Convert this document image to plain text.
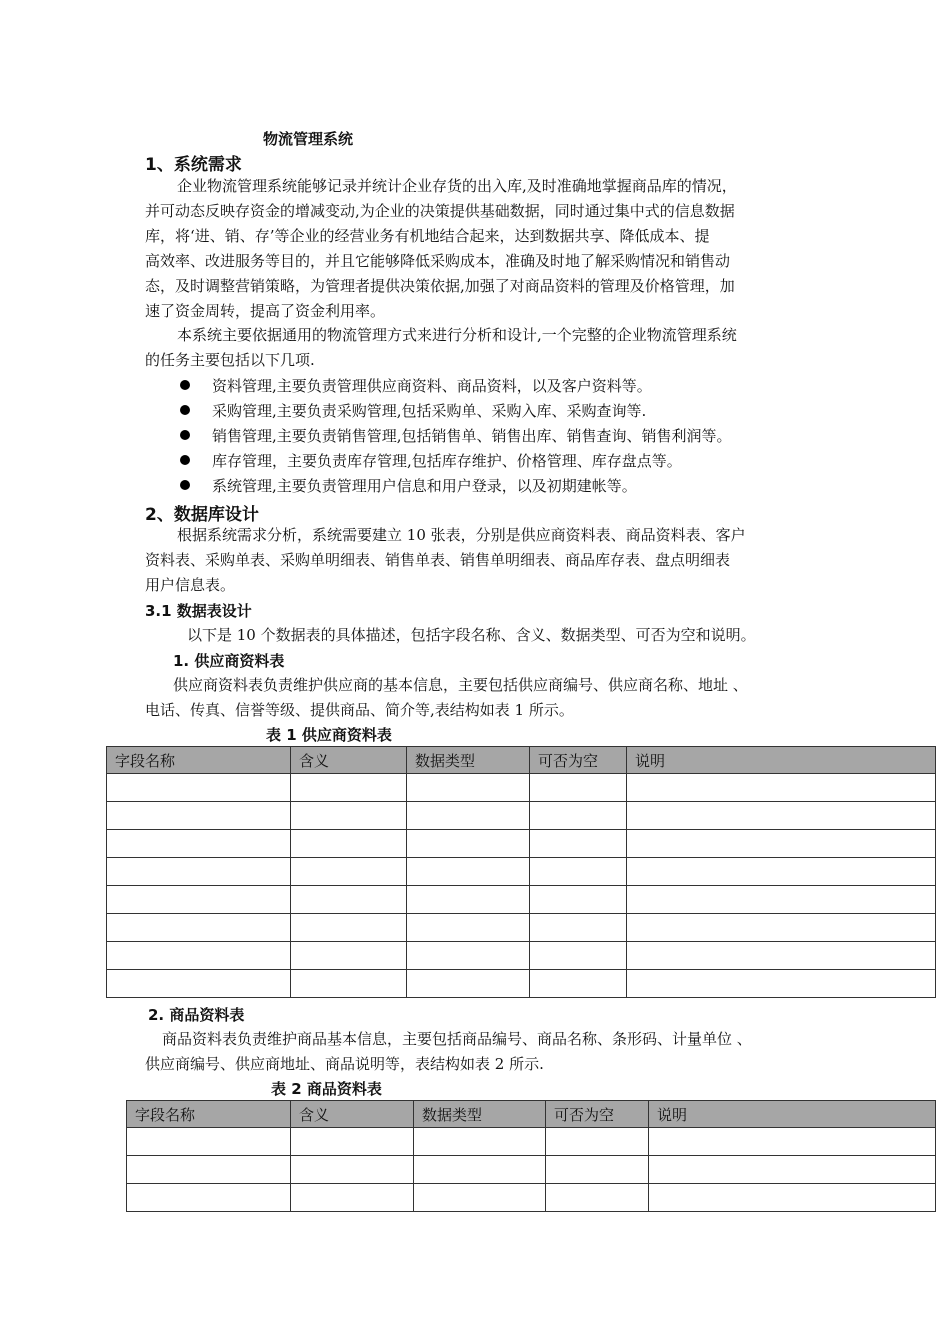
物流管理系统
1、系统需求

企业物流管理系统能够记录并统计企业存货的出入库,及时准确地掌握商品库的情况，

并可动态反映存资金的增减变动,为企业的决策提供基础数据，同时通过集中式的信息数据

库，将‘进、销、存’等企业的经营业务有机地结合起来，达到数据共享、降低成本、提

高效率、改进服务等目的，并且它能够降低采购成本，准确及时地了解采购情况和销售动

态，及时调整营销策略，为管理者提供决策依据,加强了对商品资料的管理及价格管理，加

速了资金周转，提高了资金利用率。

本系统主要依据通用的物流管理方式来进行分析和设计,一个完整的企业物流管理系统

的任务主要包括以下几项.

资料管理,主要负责管理供应商资料、商品资料，以及客户资料等。
采购管理,主要负责采购管理,包括采购单、采购入库、采购查询等.
销售管理,主要负责销售管理,包括销售单、销售出库、销售查询、销售利润等。
库存管理，主要负责库存管理,包括库存维护、价格管理、库存盘点等。
系统管理,主要负责管理用户信息和用户登录，以及初期建帐等。
2、数据库设计

根据系统需求分析，系统需要建立 10 张表，分别是供应商资料表、商品资料表、客户

资料表、采购单表、采购单明细表、销售单表、销售单明细表、商品库存表、盘点明细表

用户信息表。

3.1 数据表设计
以下是 10 个数据表的具体描述，包括字段名称、含义、数据类型、可否为空和说明。
1. 供应商资料表

供应商资料表负责维护供应商的基本信息，主要包括供应商编号、供应商名称、地址 、

电话、传真、信誉等级、提供商品、简介等,表结构如表 1 所示。

表 1 供应商资料表
字段名称	含义	数据类型	可否为空	说明

2. 商品资料表

商品资料表负责维护商品基本信息，主要包括商品编号、商品名称、条形码、计量单位 、

供应商编号、供应商地址、商品说明等，表结构如表 2 所示.

表 2 商品资料表
字段名称	含义	数据类型	可否为空	说明
